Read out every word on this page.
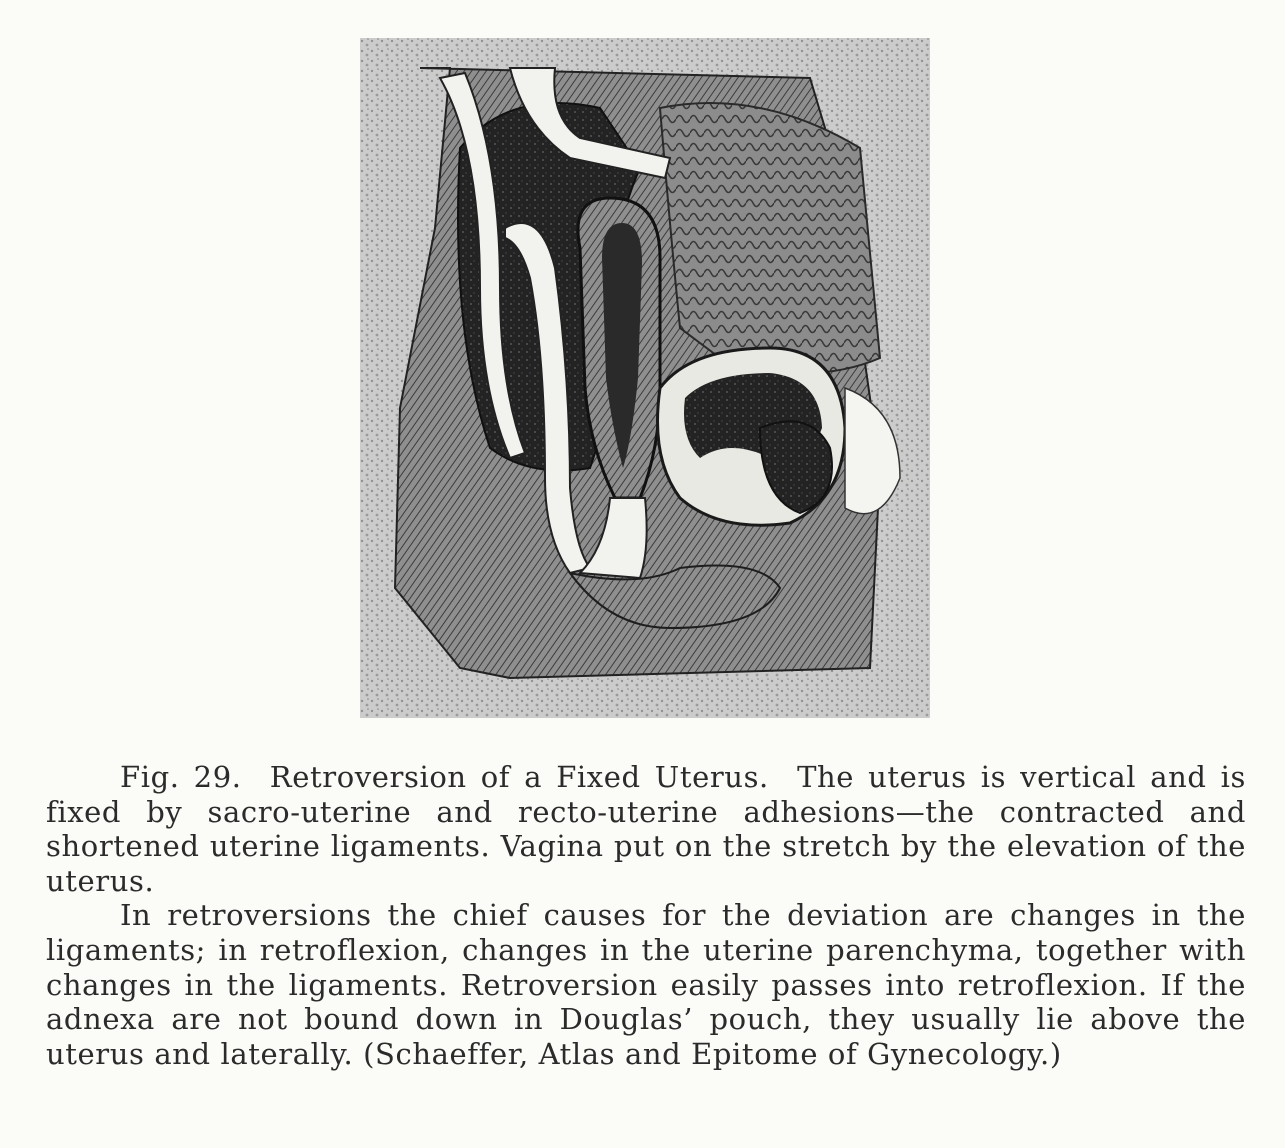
Fig. 29. Retroversion of a Fixed Uterus. The uterus is vertical and is fixed by sacro-uterine and recto-uterine adhesions—the contracted and shortened uterine ligaments. Vagina put on the stretch by the elevation of the uterus.

In retroversions the chief causes for the deviation are changes in the ligaments; in retroflexion, changes in the uterine parenchyma, together with changes in the ligaments. Retroversion easily passes into retroflexion. If the adnexa are not bound down in Douglas’ pouch, they usually lie above the uterus and laterally. (Schaeffer, Atlas and Epitome of Gynecology.)
